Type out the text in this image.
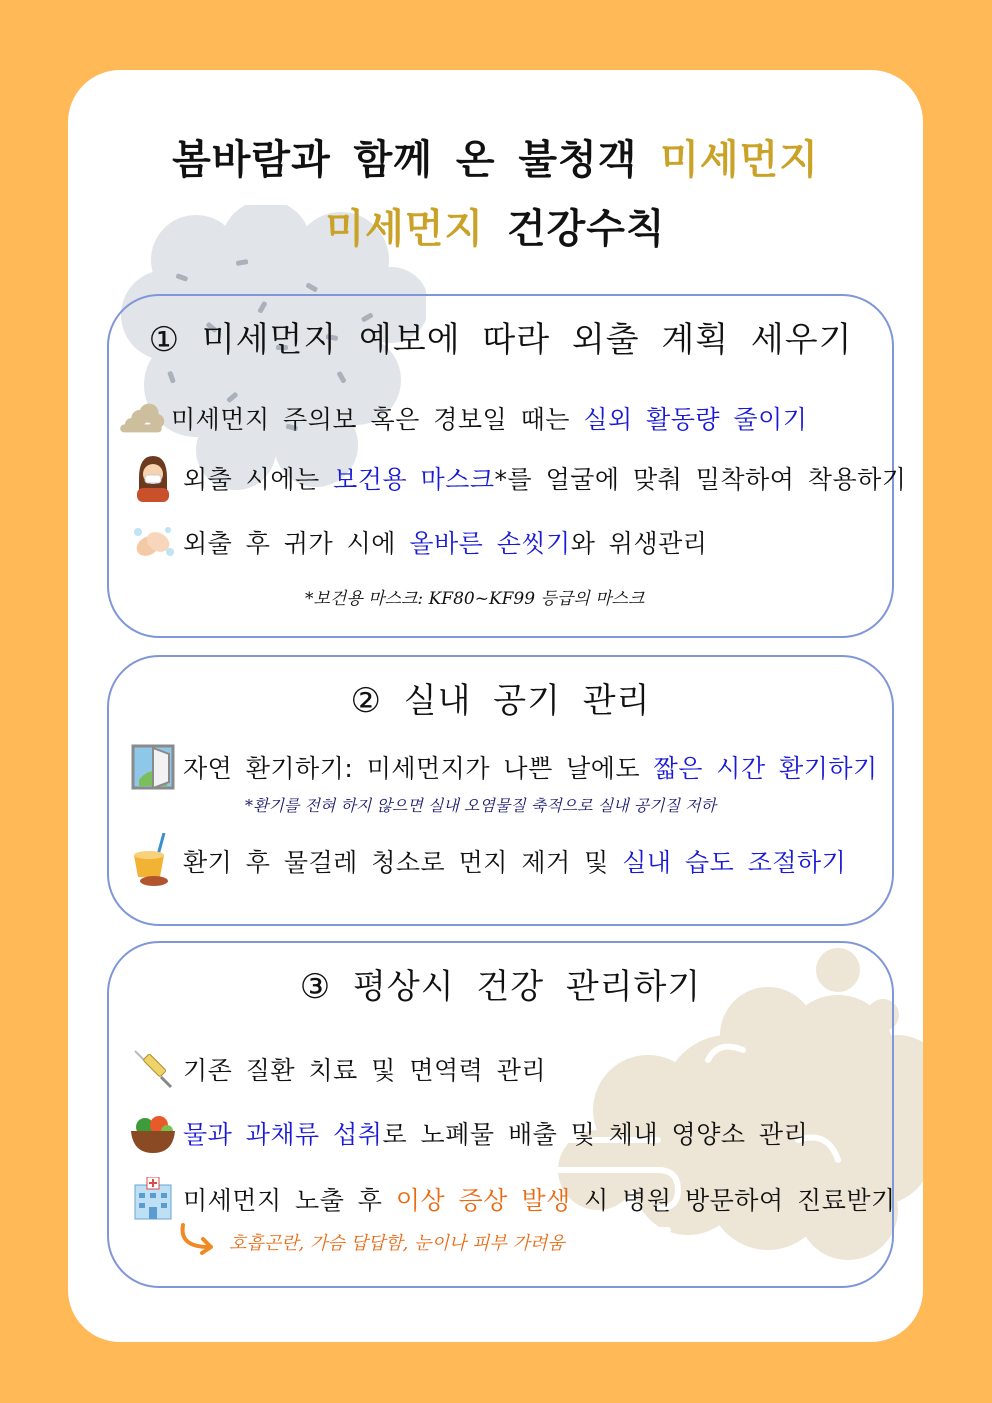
봄바람과 함께 온 불청객 미세먼지
미세먼지 건강수칙
① 미세먼지 예보에 따라 외출 계획 세우기
미세먼지 주의보 혹은 경보일 때는 실외 활동량 줄이기
외출 시에는 보건용 마스크 *를 얼굴에 맞춰 밀착하여 착용하기
외출 후 귀가 시에 올바른 손씻기 와 위생관리
*보건용 마스크: KF80~KF99 등급의 마스크
② 실내 공기 관리
자연 환기하기: 미세먼지가 나쁜 날에도 짧은 시간 환기하기
*환기를 전혀 하지 않으면 실내 오염물질 축적으로 실내 공기질 저하
환기 후 물걸레 청소로 먼지 제거 및 실내 습도 조절하기
③ 평상시 건강 관리하기
기존 질환 치료 및 면역력 관리
물과 과채류 섭취 로 노폐물 배출 및 체내 영양소 관리
미세먼지 노출 후 이상 증상 발생 시 병원 방문하여 진료받기
호흡곤란, 가슴 답답함, 눈이나 피부 가려움
